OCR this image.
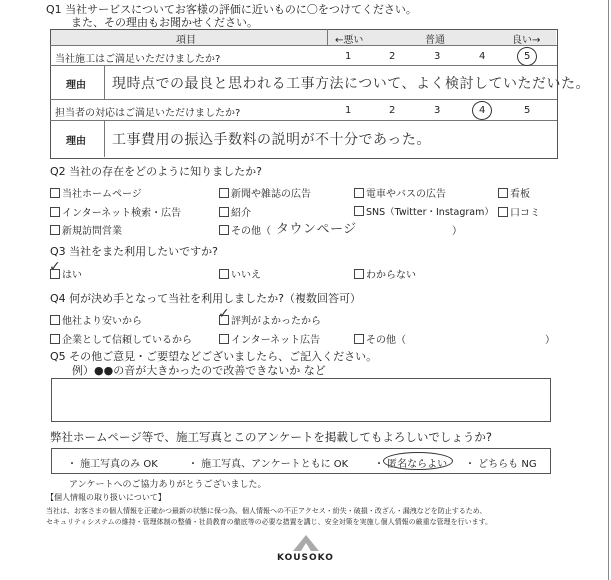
Q1 当社サービスについてお客様の評価に近いものに〇をつけてください。
また、その理由もお聞かせください。
項目	←悪い	普通	良い→
当社施工はご満足いただけましたか?	1	2	3	4	5
理由 現時点での最良と思われる工事方法について、よく検討していただいた。
担当者の対応はご満足いただけましたか?	1	2	3	4	5
理由 工事費用の振込手数料の説明が不十分であった。
Q2 当社の存在をどのように知りましたか?
当社ホームページ	新聞や雑誌の広告	電車やバスの広告	看板
インターネット検索・広告	紹介	SNS（Twitter・Instagram）	口コミ
新規訪問営業	その他（ タウンページ	）
Q3 当社をまた利用したいですか?
はい
✓
いいえ	わからない
Q4 何が決め手となって当社を利用しましたか?（複数回答可）
他社より安いから	評判がよかったから
✓
企業として信頼しているから	インターネット広告	その他（	）
Q5 その他ご意見・ご要望などございましたら、ご記入ください。
例）●●の音が大きかったので改善できないか など
弊社ホームページ等で、施工写真とこのアンケートを掲載してもよろしいでしょうか?
・ 施工写真のみ OK	・ 施工写真、アンケートともに OK	・ 匿名ならよい ・ どちらも NG
アンケートへのご協力ありがとうございました。
【個人情報の取り扱いについて】
当社は、お客さまの個人情報を正確かつ最新の状態に保つ為、個人情報への不正アクセス・紛失・破損・改ざん・漏洩などを防止するため、
セキュリティシステムの維持・管理体制の整備・社員教育の徹底等の必要な措置を講じ、安全対策を実施し個人情報の厳重な管理を行います。
KOUSOKO
